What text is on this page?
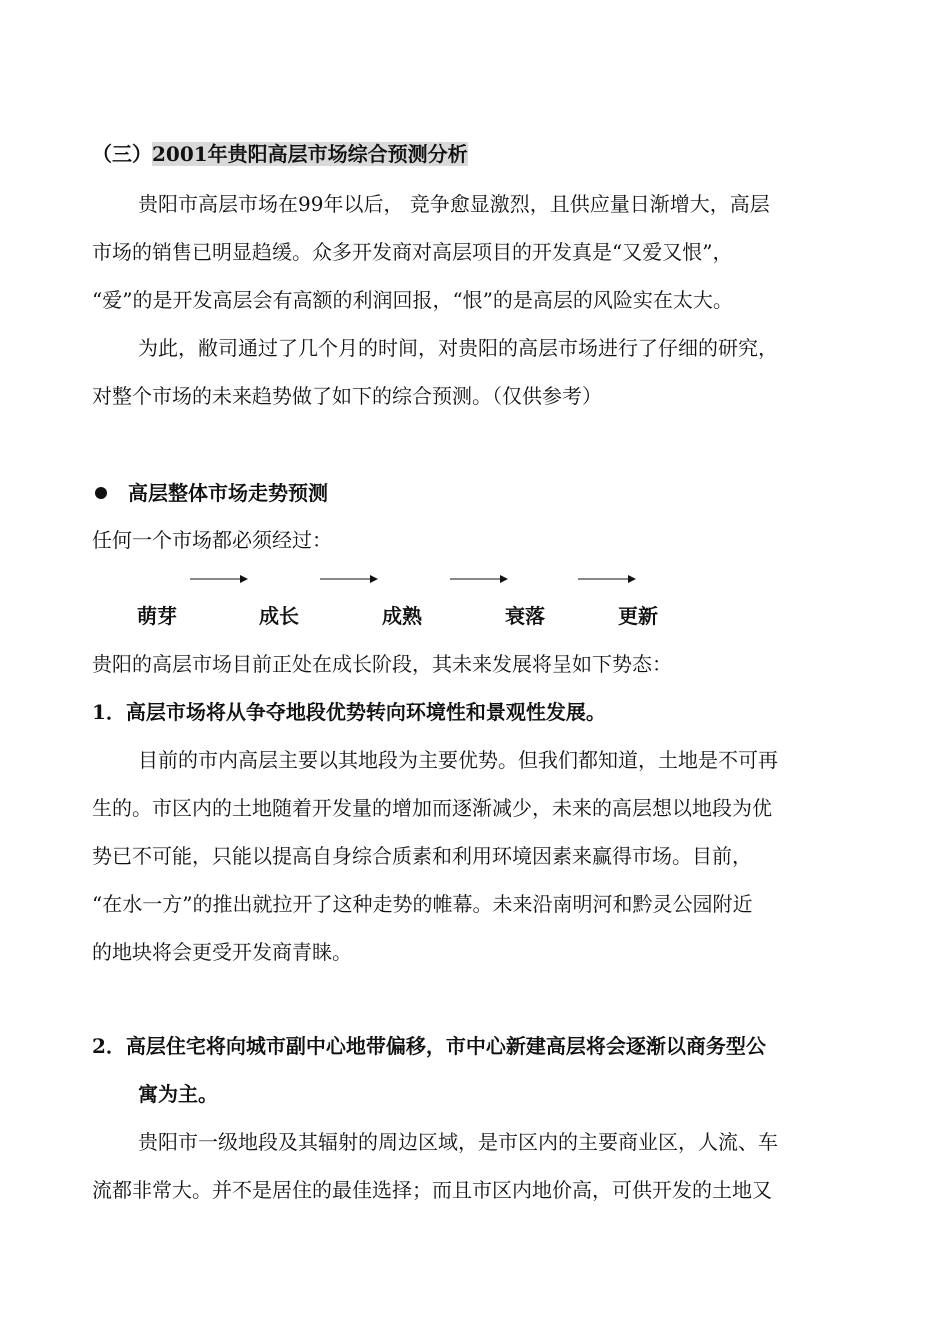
（三）2001年贵阳高层市场综合预测分析
贵阳市高层市场在99年以后， 竞争愈显激烈，且供应量日渐增大，高层
市场的销售已明显趋缓。众多开发商对高层项目的开发真是“又爱又恨”，
“爱”的是开发高层会有高额的利润回报，“恨”的是高层的风险实在太大。
为此，敝司通过了几个月的时间，对贵阳的高层市场进行了仔细的研究，
对整个市场的未来趋势做了如下的综合预测。（仅供参考）
高层整体市场走势预测
任何一个市场都必须经过：
萌芽	成长	成熟	衰落	更新
贵阳的高层市场目前正处在成长阶段，其未来发展将呈如下势态：
1．高层市场将从争夺地段优势转向环境性和景观性发展。
目前的市内高层主要以其地段为主要优势。但我们都知道，土地是不可再
生的。市区内的土地随着开发量的增加而逐渐减少，未来的高层想以地段为优
势已不可能，只能以提高自身综合质素和利用环境因素来赢得市场。目前，
“在水一方”的推出就拉开了这种走势的帷幕。未来沿南明河和黔灵公园附近
的地块将会更受开发商青睐。
2．高层住宅将向城市副中心地带偏移，市中心新建高层将会逐渐以商务型公
寓为主。
贵阳市一级地段及其辐射的周边区域，是市区内的主要商业区，人流、车
流都非常大。并不是居住的最佳选择；而且市区内地价高，可供开发的土地又
